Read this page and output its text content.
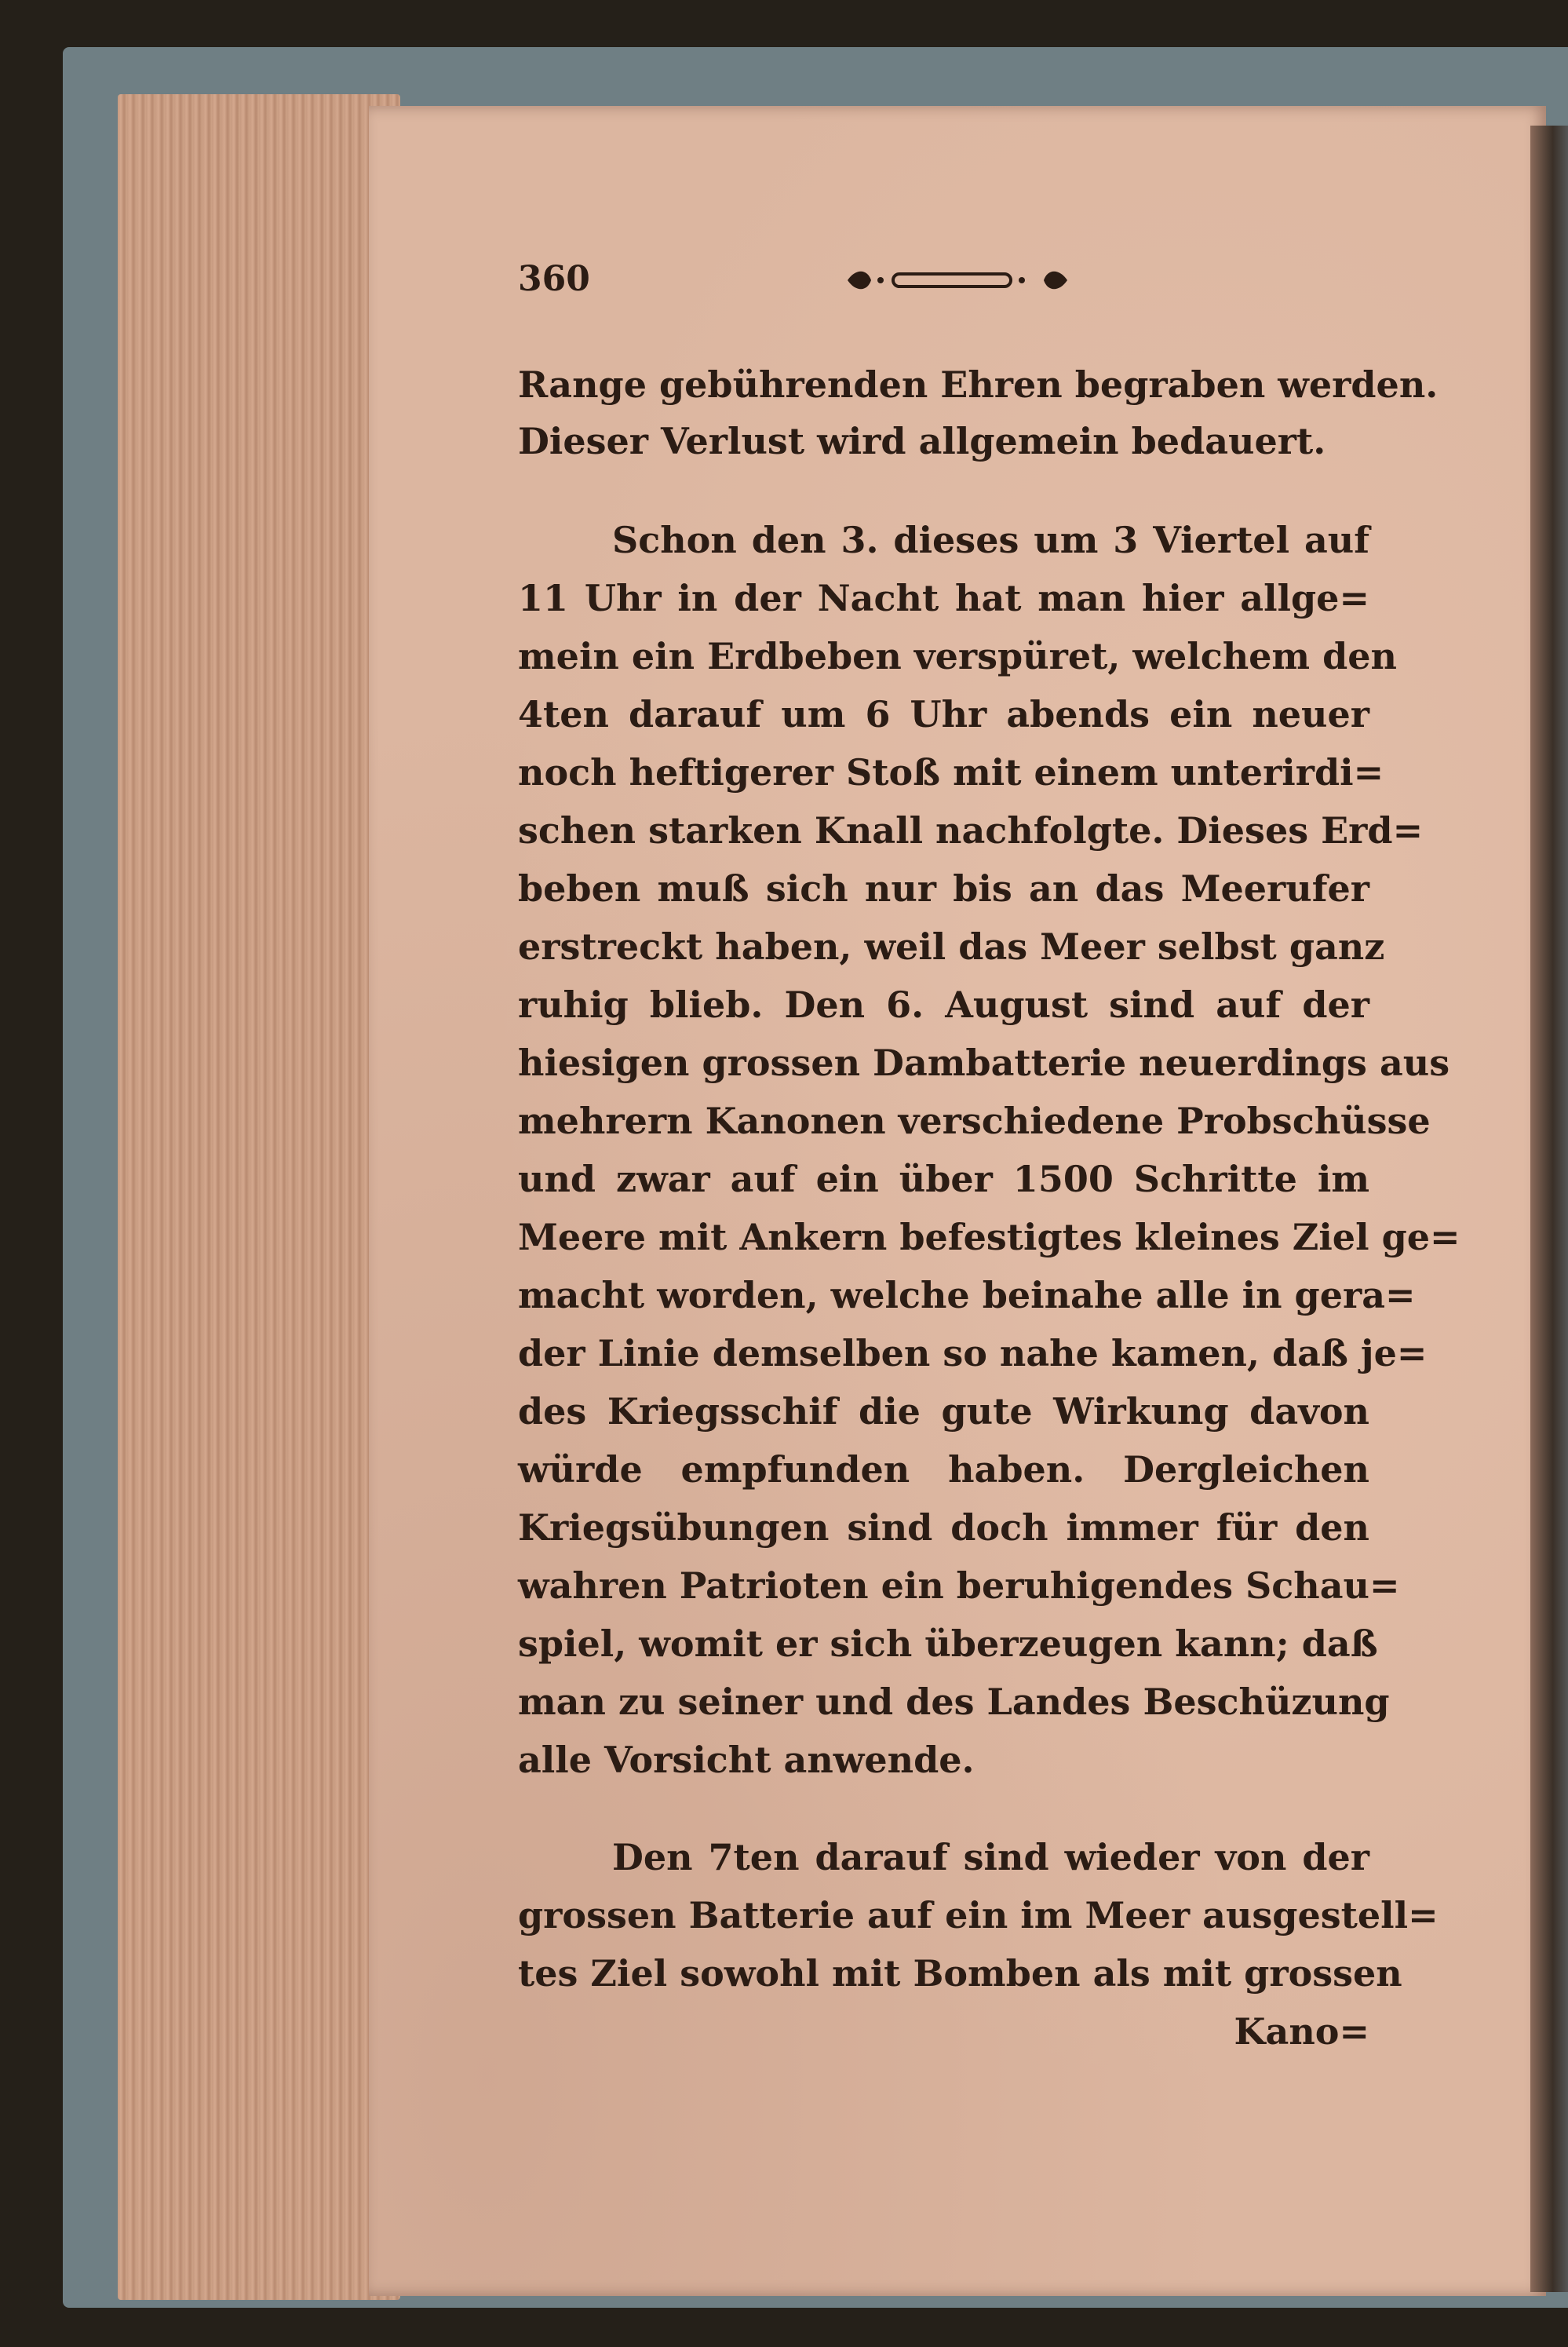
360
Range gebührenden Ehren begraben werden.
Dieser Verlust wird allgemein bedauert.
Schon den 3. dieses um 3 Viertel auf
11 Uhr in der Nacht hat man hier allge=
mein ein Erdbeben verspüret, welchem den
4ten darauf um 6 Uhr abends ein neuer
noch heftigerer Stoß mit einem unterirdi=
schen starken Knall nachfolgte. Dieses Erd=
beben muß sich nur bis an das Meerufer
erstreckt haben, weil das Meer selbst ganz
ruhig blieb. Den 6. August sind auf der
hiesigen grossen Dambatterie neuerdings aus
mehrern Kanonen verschiedene Probschüsse
und zwar auf ein über 1500 Schritte im
Meere mit Ankern befestigtes kleines Ziel ge=
macht worden, welche beinahe alle in gera=
der Linie demselben so nahe kamen, daß je=
des Kriegsschif die gute Wirkung davon
würde empfunden haben. Dergleichen
Kriegsübungen sind doch immer für den
wahren Patrioten ein beruhigendes Schau=
spiel, womit er sich überzeugen kann; daß
man zu seiner und des Landes Beschüzung
alle Vorsicht anwende.
Den 7ten darauf sind wieder von der
grossen Batterie auf ein im Meer ausgestell=
tes Ziel sowohl mit Bomben als mit grossen
Kano=
